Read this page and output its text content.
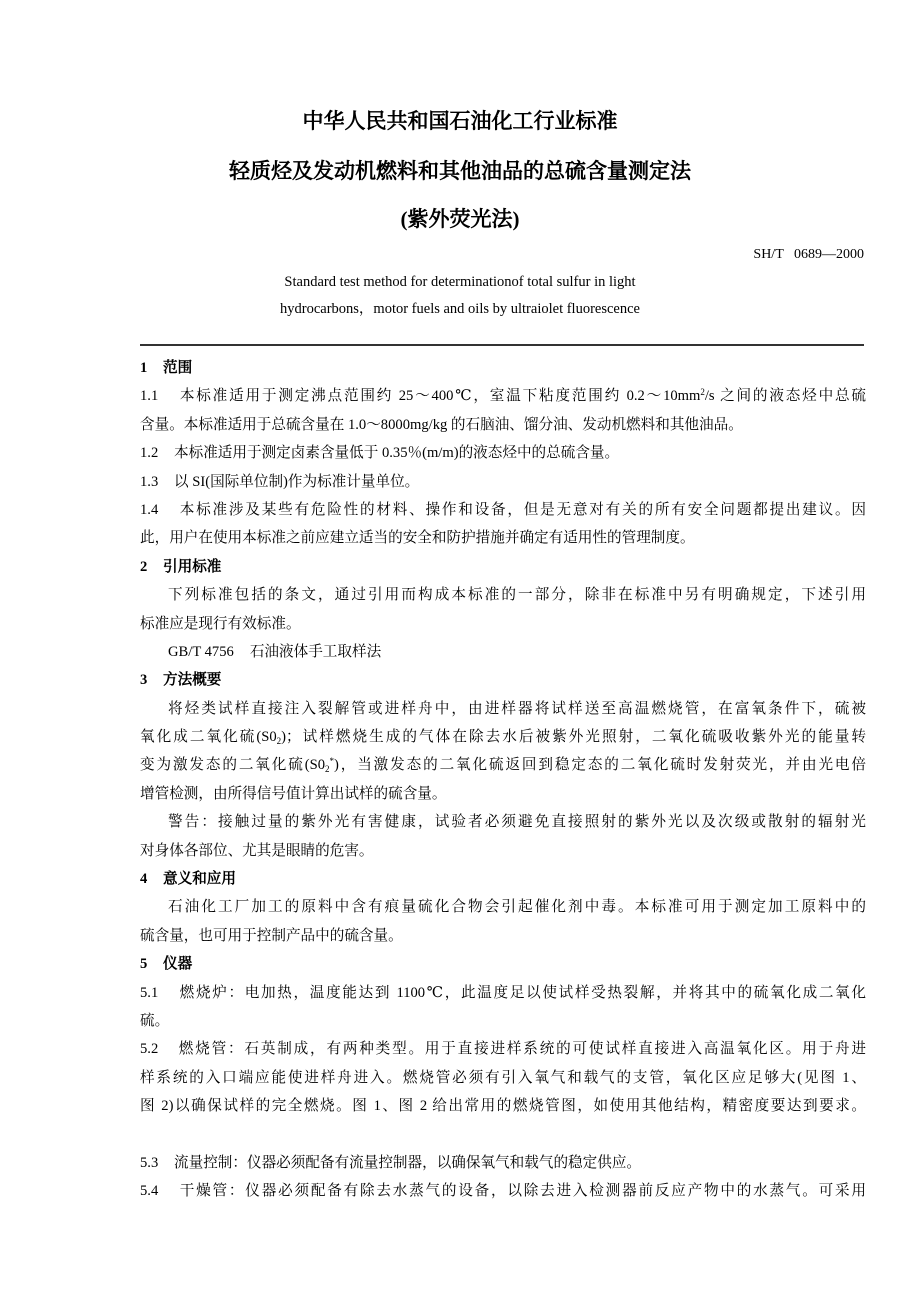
中华人民共和国石油化工行业标准
轻质烃及发动机燃料和其他油品的总硫含量测定法
(紫外荧光法)
SH/T   0689—2000
Standard test method for determinationof total sulfur in light
hydrocarbons，motor fuels and oils by ultraiolet fluorescence
1 范围
1.1 本标准适用于测定沸点范围约 25～400℃，室温下粘度范围约 $0.2\sim 10mm^2/s$ 之间的液态烃中总硫
含量。本标准适用于总硫含量在 1.0～8000mg/kg 的石脑油、馏分油、发动机燃料和其他油品。
1.2 本标准适用于测定卤素含量低于 0.35％(m/m)的液态烃中的总硫含量。
1.3 以 SI(国际单位制)作为标准计量单位。
1.4 本标准涉及某些有危险性的材料、操作和设备，但是无意对有关的所有安全问题都提出建议。因
此，用户在使用本标准之前应建立适当的安全和防护措施并确定有适用性的管理制度。
2 引用标准
下列标准包括的条文，通过引用而构成本标准的一部分，除非在标准中另有明确规定，下述引用
标准应是现行有效标准。
GB/T 4756 石油液体手工取样法
3 方法概要
将烃类试样直接注入裂解管或进样舟中，由进样器将试样送至高温燃烧管，在富氧条件下，硫被
氧化成二氧化硫$(S0_2)$；试样燃烧生成的气体在除去水后被紫外光照射，二氧化硫吸收紫外光的能量转
变为激发态的二氧化硫$(S0_2^*)$，当激发态的二氧化硫返回到稳定态的二氧化硫时发射荧光，并由光电倍
增管检测，由所得信号值计算出试样的硫含量。
警告：接触过量的紫外光有害健康，试验者必须避免直接照射的紫外光以及次级或散射的辐射光
对身体各部位、尤其是眼睛的危害。
4 意义和应用
石油化工厂加工的原料中含有痕量硫化合物会引起催化剂中毒。本标准可用于测定加工原料中的
硫含量，也可用于控制产品中的硫含量。
5 仪器
5.1 燃烧炉：电加热，温度能达到 1100℃，此温度足以使试样受热裂解，并将其中的硫氧化成二氧化
硫。
5.2 燃烧管：石英制成，有两种类型。用于直接进样系统的可使试样直接进入高温氧化区。用于舟进
样系统的入口端应能使进样舟进入。燃烧管必须有引入氧气和载气的支管，氧化区应足够大(见图 1、
图 2)以确保试样的完全燃烧。图 1、图 2 给出常用的燃烧管图，如使用其他结构，精密度要达到要求。
5.3 流量控制：仪器必须配备有流量控制器，以确保氧气和载气的稳定供应。
5.4 干燥管：仪器必须配备有除去水蒸气的设备，以除去进入检测器前反应产物中的水蒸气。可采用
